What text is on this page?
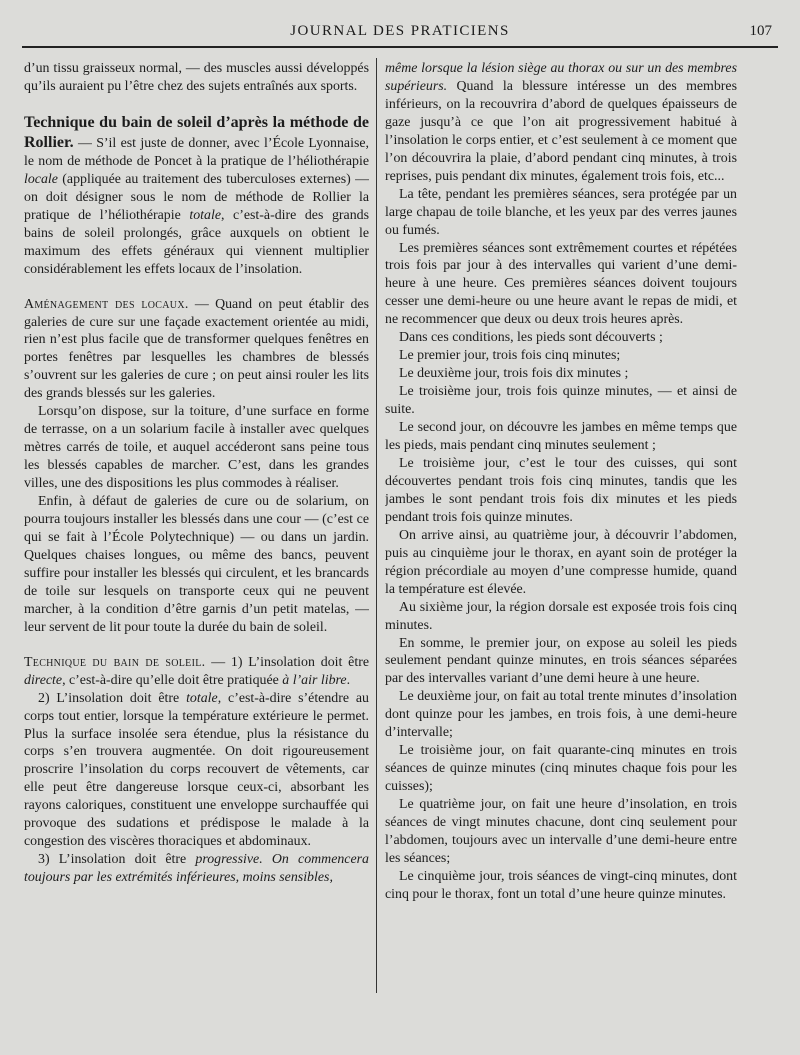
JOURNAL DES PRATICIENS	107

d’un tissu graisseux normal, — des muscles aussi développés qu’ils auraient pu l’être chez des sujets entraînés aux sports.

Technique du bain de soleil d’après la méthode de Rollier. — S’il est juste de donner, avec l’École Lyonnaise, le nom de méthode de Poncet à la pratique de l’héliothérapie locale (appliquée au traitement des tuberculoses externes) — on doit désigner sous le nom de méthode de Rollier la pratique de l’héliothérapie totale, c’est-à-dire des grands bains de soleil prolongés, grâce auxquels on obtient le maximum des effets généraux qui viennent multiplier considérablement les effets locaux de l’insolation.

Aménagement des locaux. — Quand on peut établir des galeries de cure sur une façade exactement orientée au midi, rien n’est plus facile que de transformer quelques fenêtres en portes fenêtres par lesquelles les chambres de blessés s’ouvrent sur les galeries de cure ; on peut ainsi rouler les lits des grands blessés sur les galeries.

Lorsqu’on dispose, sur la toiture, d’une surface en forme de terrasse, on a un solarium facile à installer avec quelques mètres carrés de toile, et auquel accéderont sans peine tous les blessés capables de marcher. C’est, dans les grandes villes, une des dispositions les plus commodes à réaliser.

Enfin, à défaut de galeries de cure ou de solarium, on pourra toujours installer les blessés dans une cour — (c’est ce qui se fait à l’École Polytechnique) — ou dans un jardin. Quelques chaises longues, ou même des bancs, peuvent suffire pour installer les blessés qui circulent, et les brancards de toile sur lesquels on transporte ceux qui ne peuvent marcher, à la condition d’être garnis d’un petit matelas, — leur servent de lit pour toute la durée du bain de soleil.

Technique du bain de soleil. — 1) L’insolation doit être directe, c’est-à-dire qu’elle doit être pratiquée à l’air libre.

2) L’insolation doit être totale, c’est-à-dire s’étendre au corps tout entier, lorsque la température extérieure le permet. Plus la surface insolée sera étendue, plus la résistance du corps s’en trouvera augmentée. On doit rigoureusement proscrire l’insolation du corps recouvert de vêtements, car elle peut être dangereuse lorsque ceux-ci, absorbant les rayons caloriques, constituent une enveloppe surchauffée qui provoque des sudations et prédispose le malade à la congestion des viscères thoraciques et abdominaux.

3) L’insolation doit être progressive. On commencera toujours par les extrémités inférieures, moins sensibles,

même lorsque la lésion siège au thorax ou sur un des membres supérieurs. Quand la blessure intéresse un des membres inférieurs, on la recouvrira d’abord de quelques épaisseurs de gaze jusqu’à ce que l’on ait progressivement habitué à l’insolation le corps entier, et c’est seulement à ce moment que l’on découvrira la plaie, d’abord pendant cinq minutes, à trois reprises, puis pendant dix minutes, également trois fois, etc...

La tête, pendant les premières séances, sera protégée par un large chapau de toile blanche, et les yeux par des verres jaunes ou fumés.

Les premières séances sont extrêmement courtes et répétées trois fois par jour à des intervalles qui varient d’une demi-heure à une heure. Ces premières séances doivent toujours cesser une demi-heure ou une heure avant le repas de midi, et ne recommencer que deux ou deux trois heures après.

Dans ces conditions, les pieds sont découverts ;

Le premier jour, trois fois cinq minutes;

Le deuxième jour, trois fois dix minutes ;

Le troisième jour, trois fois quinze minutes, — et ainsi de suite.

Le second jour, on découvre les jambes en même temps que les pieds, mais pendant cinq minutes seulement ;

Le troisième jour, c’est le tour des cuisses, qui sont découvertes pendant trois fois cinq minutes, tandis que les jambes le sont pendant trois fois dix minutes et les pieds pendant trois fois quinze minutes.

On arrive ainsi, au quatrième jour, à découvrir l’abdomen, puis au cinquième jour le thorax, en ayant soin de protéger la région précordiale au moyen d’une compresse humide, quand la température est élevée.

Au sixième jour, la région dorsale est exposée trois fois cinq minutes.

En somme, le premier jour, on expose au soleil les pieds seulement pendant quinze minutes, en trois séances séparées par des intervalles variant d’une demi heure à une heure.

Le deuxième jour, on fait au total trente minutes d’insolation dont quinze pour les jambes, en trois fois, à une demi-heure d’intervalle;

Le troisième jour, on fait quarante-cinq minutes en trois séances de quinze minutes (cinq minutes chaque fois pour les cuisses);

Le quatrième jour, on fait une heure d’insolation, en trois séances de vingt minutes chacune, dont cinq seulement pour l’abdomen, toujours avec un intervalle d’une demi-heure entre les séances;

Le cinquième jour, trois séances de vingt-cinq minutes, dont cinq pour le thorax, font un total d’une heure quinze minutes.
